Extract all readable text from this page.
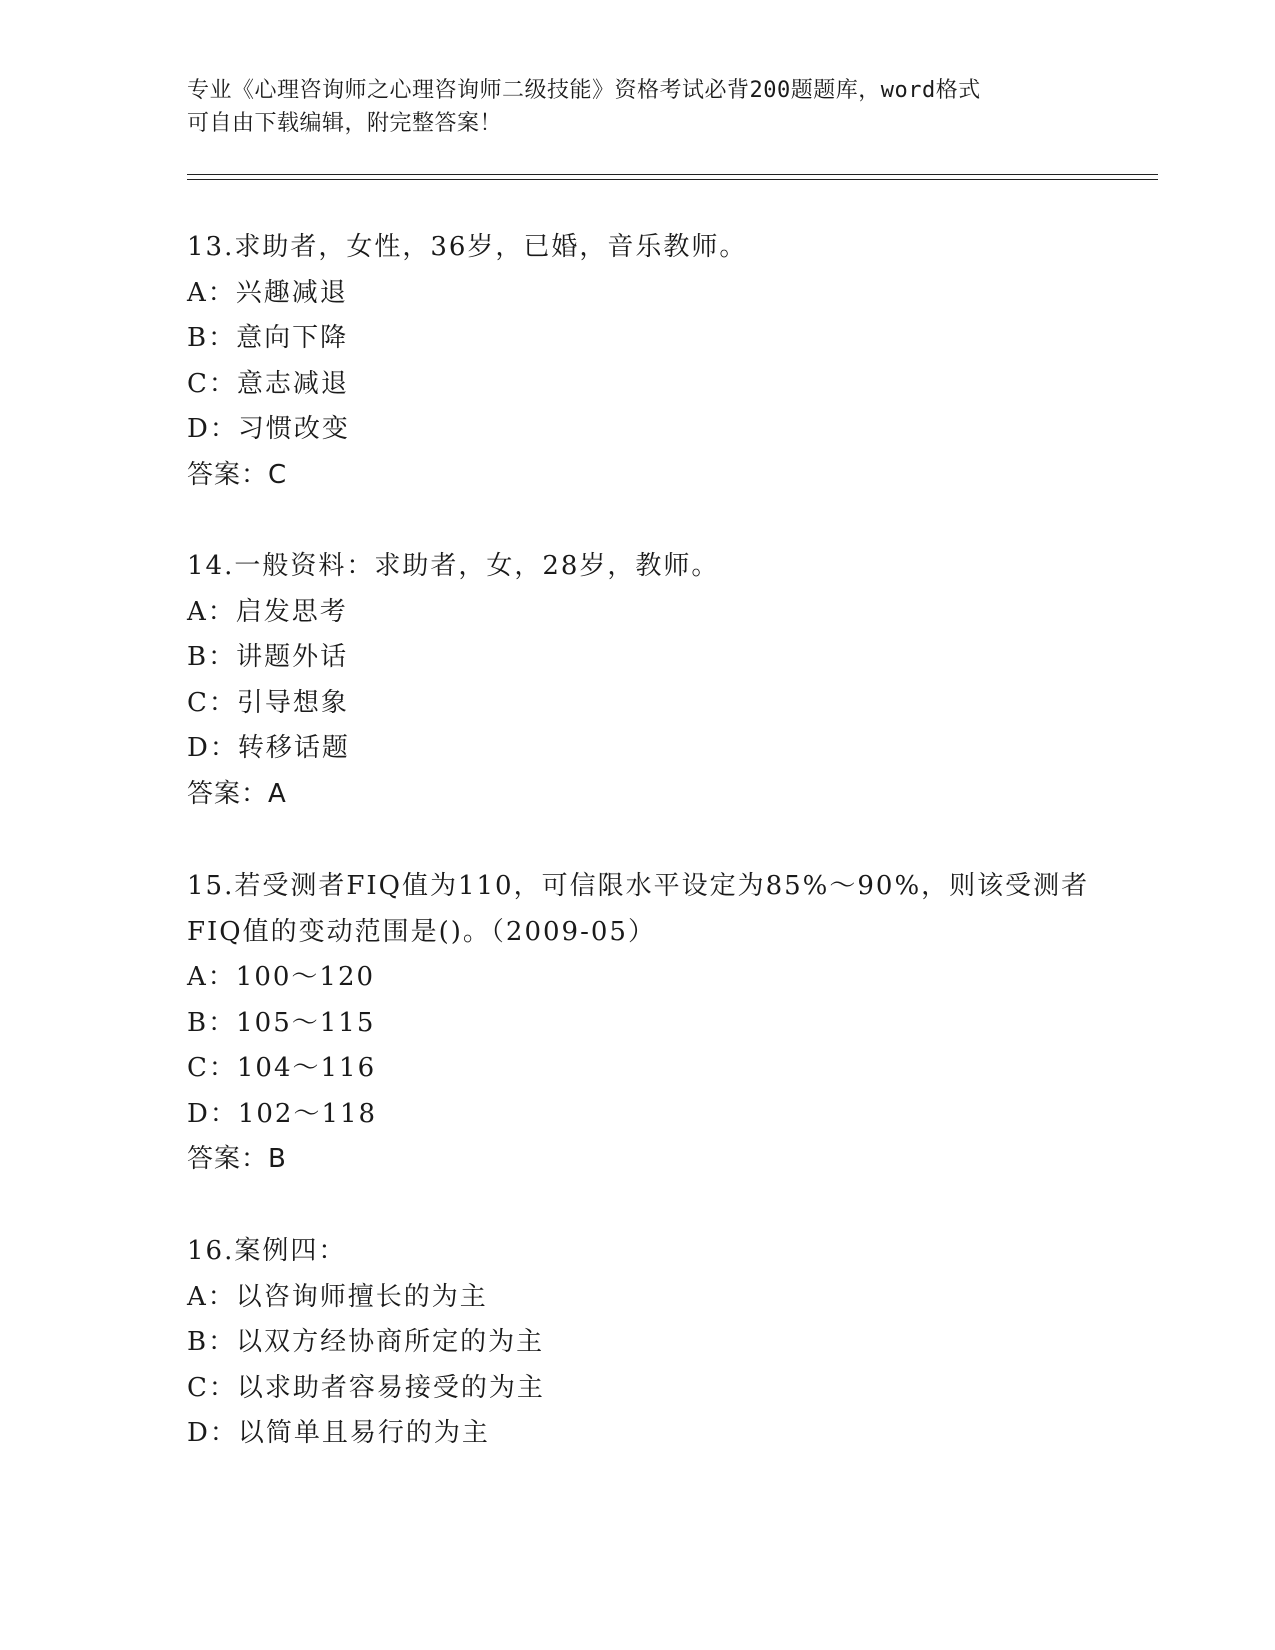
专业《心理咨询师之心理咨询师二级技能》资格考试必背200题题库，word格式
可自由下载编辑，附完整答案！
13.求助者，女性，36岁，已婚，音乐教师。
A：兴趣减退
B：意向下降
C：意志减退
D：习惯改变
答案：C
14.一般资料：求助者，女，28岁，教师。
A：启发思考
B：讲题外话
C：引导想象
D：转移话题
答案：A
15.若受测者FIQ值为110，可信限水平设定为85%～90%，则该受测者
FIQ值的变动范围是()。（2009-05）
A：100～120
B：105～115
C：104～116
D：102～118
答案：B
16.案例四：
A：以咨询师擅长的为主
B：以双方经协商所定的为主
C：以求助者容易接受的为主
D：以简单且易行的为主
